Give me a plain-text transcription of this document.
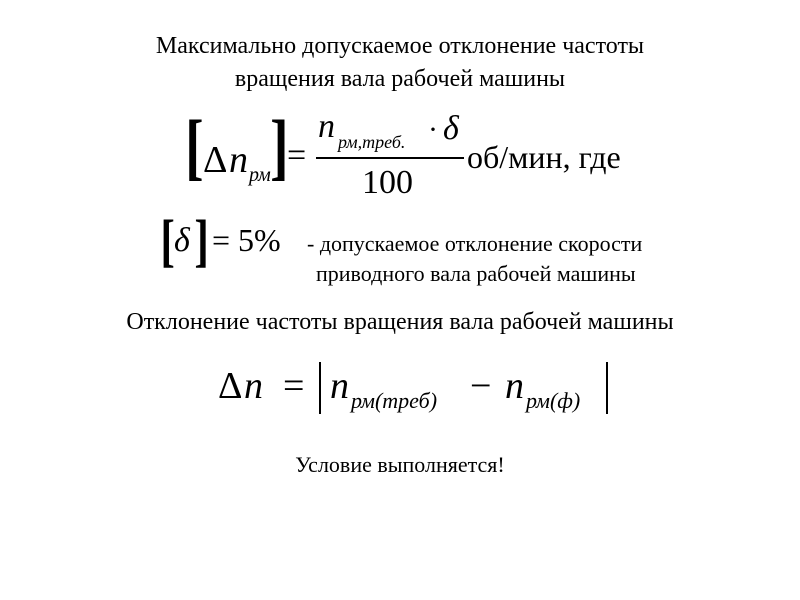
Максимально допускаемое отклонение частоты
вращения вала рабочей машины
[ Δ n рм ]
=
n рм,треб. · δ
100
об/мин, где
[ δ ] = 5% - допускаемое отклонение скорости
приводного вала рабочей машины
Отклонение частоты вращения вала рабочей машины
Δ n = n рм(треб) − n рм(ф)
Условие выполняется!
